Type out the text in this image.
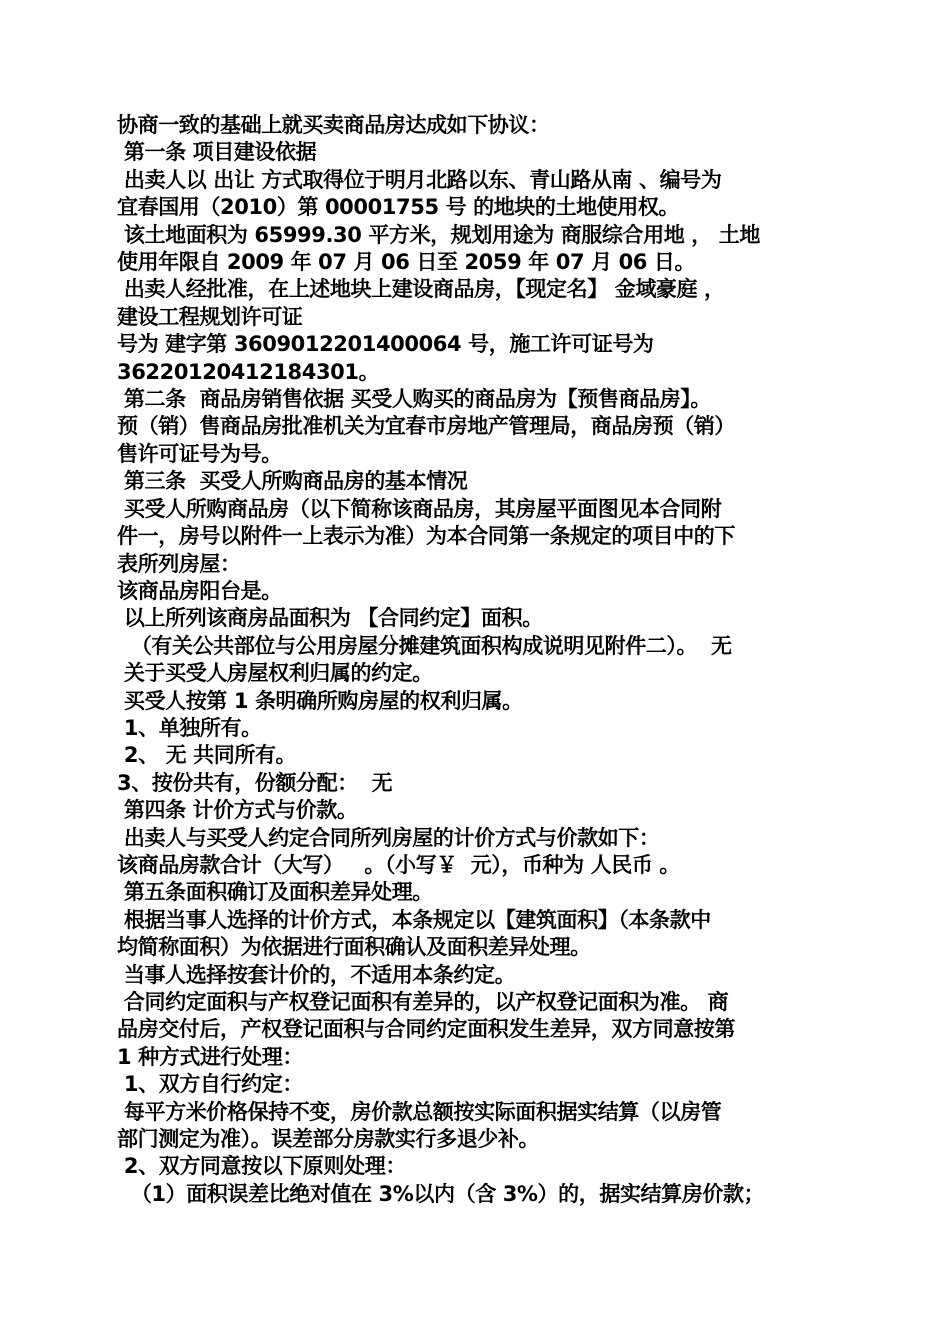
协商一致的基础上就买卖商品房达成如下协议：
第一条 项目建设依据
出卖人以 出让 方式取得位于明月北路以东、青山路从南 、编号为
宜春国用（2010）第 00001755 号 的地块的土地使用权。
该土地面积为 65999.30 平方米，规划用途为 商服综合用地 ， 土地
使用年限自 2009 年 07 月 06 日至 2059 年 07 月 06 日。
出卖人经批准，在上述地块上建设商品房，【现定名】 金域豪庭 ，
建设工程规划许可证
号为 建字第 3609012201400064 号，施工许可证号为
36220120412184301。
第二条  商品房销售依据 买受人购买的商品房为【预售商品房】。
预（销）售商品房批准机关为宜春市房地产管理局，商品房预（销）
售许可证号为号。
第三条  买受人所购商品房的基本情况
买受人所购商品房（以下简称该商品房，其房屋平面图见本合同附
件一，房号以附件一上表示为准）为本合同第一条规定的项目中的下
表所列房屋：
该商品房阳台是。
以上所列该商房品面积为 【合同约定】面积。
（有关公共部位与公用房屋分摊建筑面积构成说明见附件二）。  无
关于买受人房屋权利归属的约定。
买受人按第 1 条明确所购房屋的权利归属。
1、单独所有。
2、 无 共同所有。
3、按份共有，份额分配：  无
第四条 计价方式与价款。
出卖人与买受人约定合同所列房屋的计价方式与价款如下：
该商品房款合计（大写）   。（小写￥  元），币种为 人民币 。
第五条面积确订及面积差异处理。
根据当事人选择的计价方式，本条规定以【建筑面积】（本条款中
均简称面积）为依据进行面积确认及面积差异处理。
当事人选择按套计价的，不适用本条约定。
合同约定面积与产权登记面积有差异的，以产权登记面积为准。 商
品房交付后，产权登记面积与合同约定面积发生差异，双方同意按第
1 种方式进行处理：
1、双方自行约定：
每平方米价格保持不变，房价款总额按实际面积据实结算（以房管
部门测定为准）。误差部分房款实行多退少补。
2、双方同意按以下原则处理：
（1）面积误差比绝对值在 3%以内（含 3%）的，据实结算房价款；
